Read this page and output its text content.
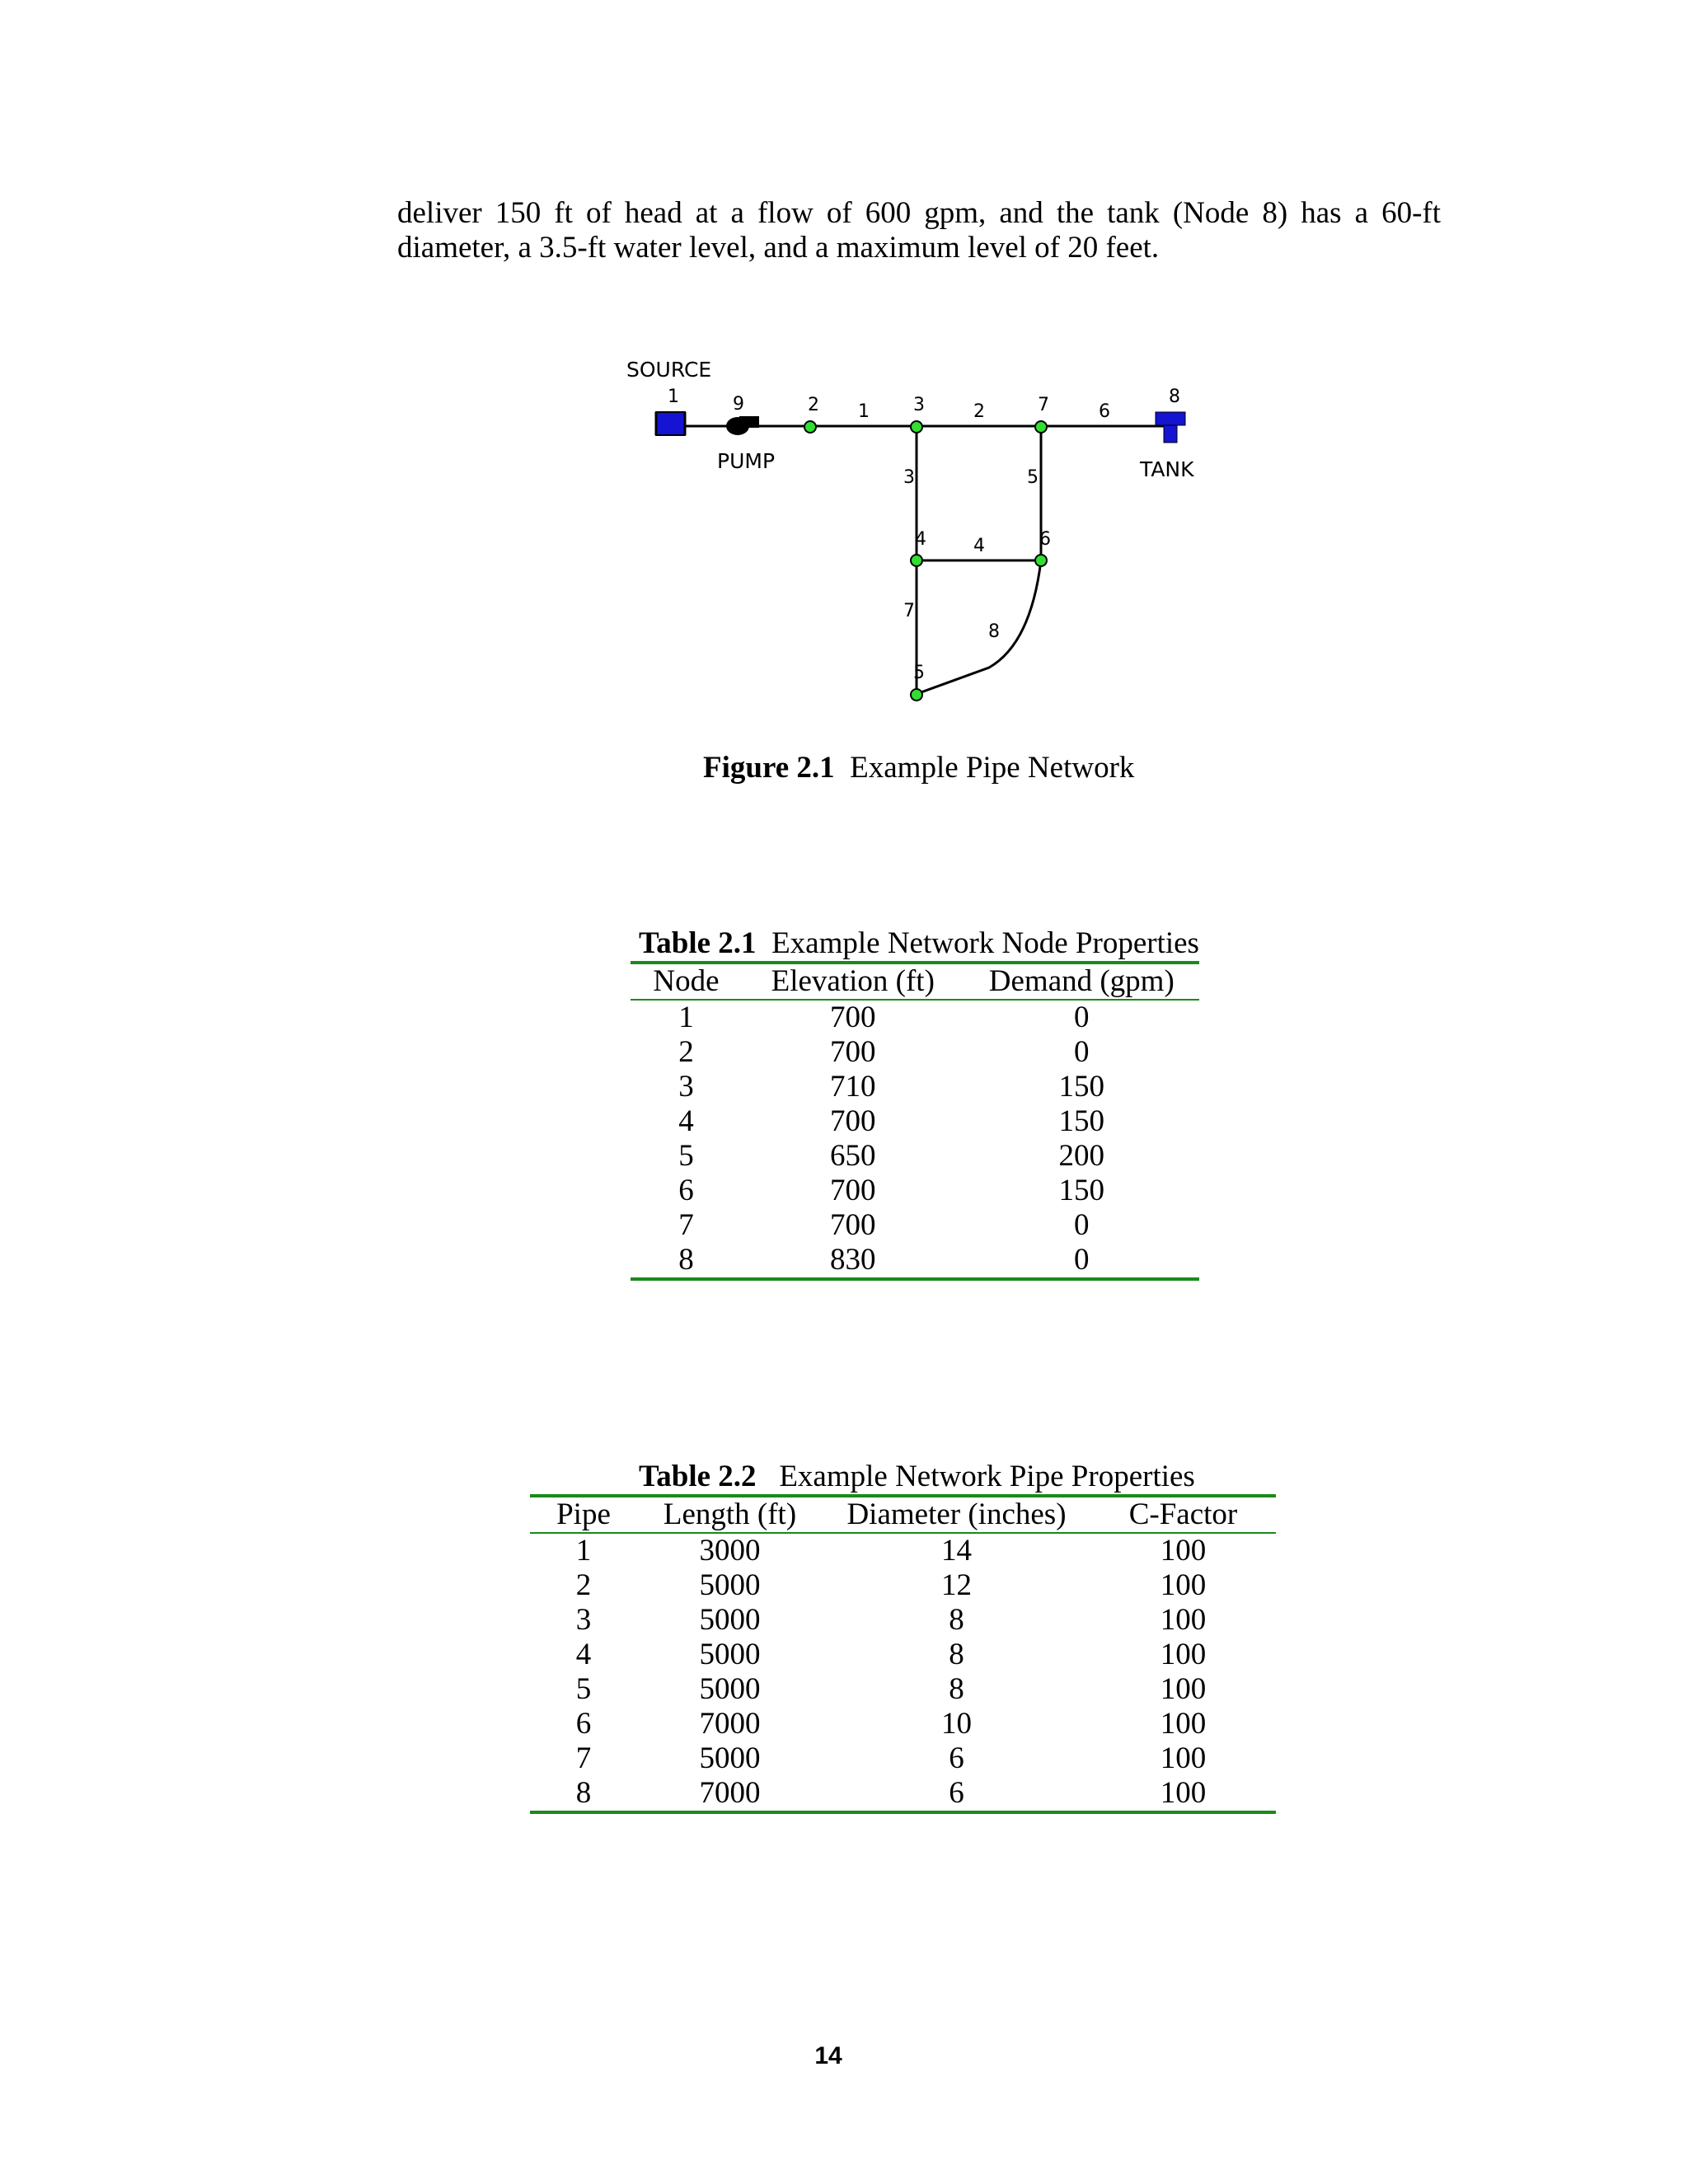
deliver 150 ft of head at a flow of 600 gpm, and the tank (Node 8) has a 60-ft
diameter, a 3.5-ft water level, and a maximum level of 20 feet.
SOURCE
PUMP	TANK
1	9	2	3	7	8
4	6
5
1	2	6
3	5
4
7
8
Figure 2.1 Example Pipe Network
Table 2.1 Example Network Node Properties		
Node	Elevation (ft)	Demand (gpm)
1	700	0
2	700	0
3	710	150
4	700	150
5	650	200
6	700	150
7	700	0
8	830	0
Table 2.2 Example Network Pipe Properties			
Pipe	Length (ft)	Diameter (inches)	C-Factor
1	3000	14	100
2	5000	12	100
3	5000	8	100
4	5000	8	100
5	5000	8	100
6	7000	10	100
7	5000	6	100
8	7000	6	100
14
